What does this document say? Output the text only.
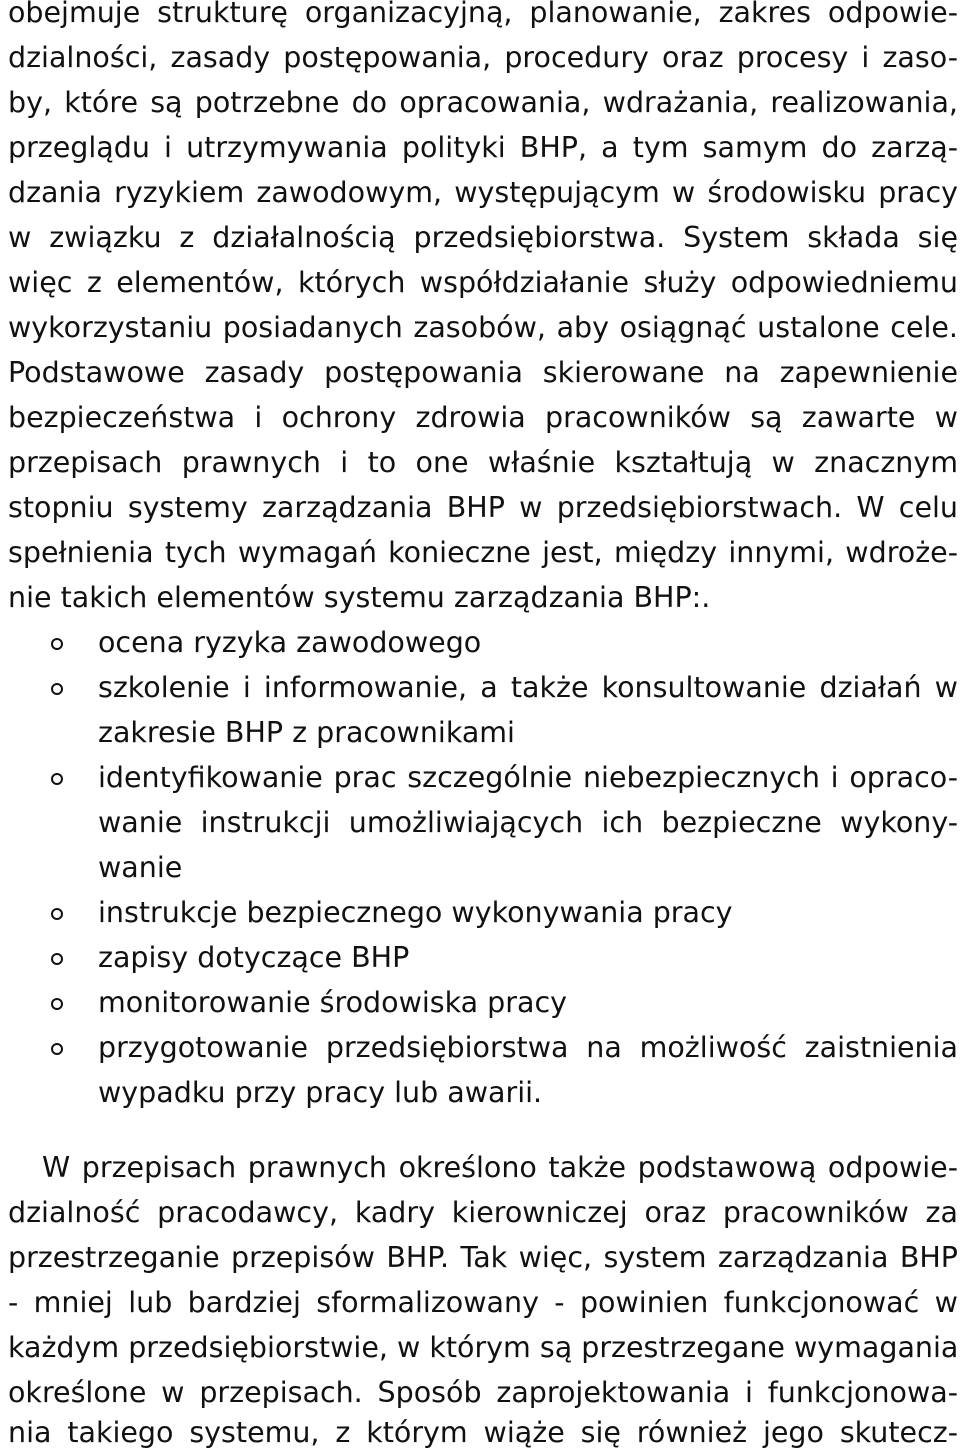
obejmuje strukturę organizacyjną, planowanie, zakres odpowie-
dzialności, zasady postępowania, procedury oraz procesy i zaso-
by, które są potrzebne do opracowania, wdrażania, realizowania,
przeglądu i utrzymywania polityki BHP, a tym samym do zarzą-
dzania ryzykiem zawodowym, występującym w środowisku pracy
w związku z działalnością przedsiębiorstwa. System składa się
więc z elementów, których współdziałanie służy odpowiedniemu
wykorzystaniu posiadanych zasobów, aby osiągnąć ustalone cele.
Podstawowe zasady postępowania skierowane na zapewnienie
bezpieczeństwa i ochrony zdrowia pracowników są zawarte w
przepisach prawnych i to one właśnie kształtują w znacznym
stopniu systemy zarządzania BHP w przedsiębiorstwach. W celu
spełnienia tych wymagań konieczne jest, między innymi, wdroże-
nie takich elementów systemu zarządzania BHP:.
ocena ryzyka zawodowego
szkolenie i informowanie, a także konsultowanie działań w
zakresie BHP z pracownikami
identyfikowanie prac szczególnie niebezpiecznych i opraco-
wanie instrukcji umożliwiających ich bezpieczne wykony-
wanie
instrukcje bezpiecznego wykonywania pracy
zapisy dotyczące BHP
monitorowanie środowiska pracy
przygotowanie przedsiębiorstwa na możliwość zaistnienia
wypadku przy pracy lub awarii.
W przepisach prawnych określono także podstawową odpowie-
dzialność pracodawcy, kadry kierowniczej oraz pracowników za
przestrzeganie przepisów BHP. Tak więc, system zarządzania BHP
- mniej lub bardziej sformalizowany - powinien funkcjonować w
każdym przedsiębiorstwie, w którym są przestrzegane wymagania
określone w przepisach. Sposób zaprojektowania i funkcjonowa-
nia takiego systemu, z którym wiąże się również jego skutecz-
